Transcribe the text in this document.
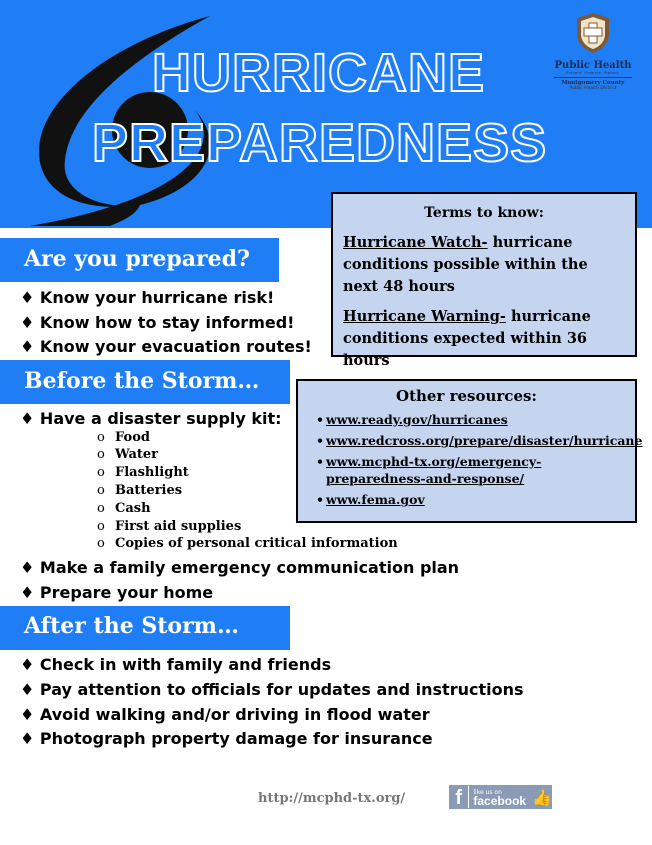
HURRICANE
PREPAREDNESS
Public Health
Prevent. Promote. Protect.
Montgomery County
Public Health District
Terms to know:

Hurricane Watch- hurricane conditions possible within the next 48 hours

Hurricane Warning- hurricane conditions expected within 36 hours

Other resources:
• www.ready.gov/hurricanes
• www.redcross.org/prepare/disaster/hurricane
• www.mcphd-tx.org/emergency-preparedness-and-response/
• www.fema.gov
Are you prepared?
♦ Know your hurricane risk!
♦ Know how to stay informed!
♦ Know your evacuation routes!
Before the Storm…
♦ Have a disaster supply kit:
o Food
o Water
o Flashlight
o Batteries
o Cash
o First aid supplies
o Copies of personal critical information
♦ Make a family emergency communication plan
♦ Prepare your home
After the Storm…
♦ Check in with family and friends
♦ Pay attention to officials for updates and instructions
♦ Avoid walking and/or driving in flood water
♦ Photograph property damage for insurance
http://mcphd-tx.org/	f	like us on
facebook 👍
